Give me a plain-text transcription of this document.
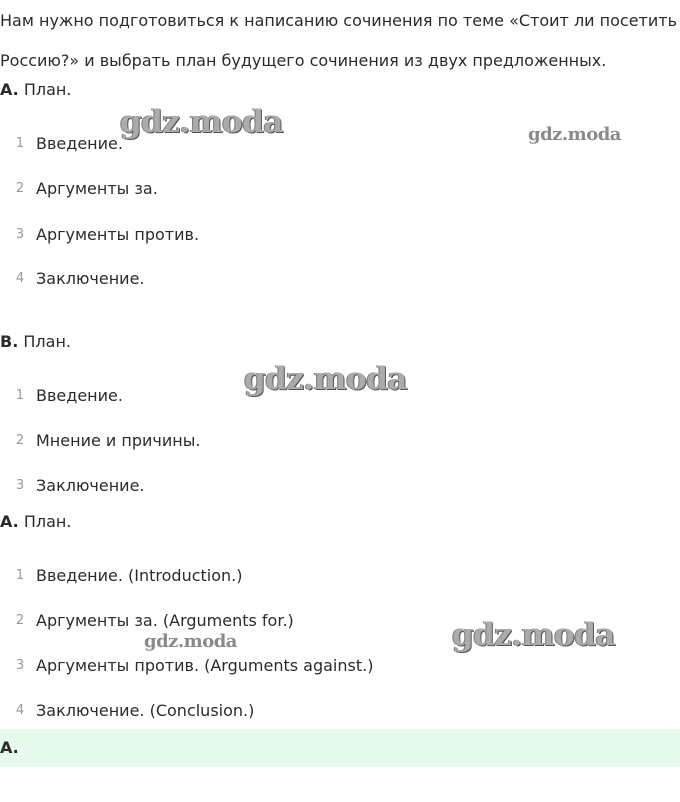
Нам нужно подготовиться к написанию сочинения по теме «Стоит ли посетить

Россию?» и выбрать план будущего сочинения из двух предложенных.

A. План.
1 Введение.
2 Аргументы за.
3 Аргументы против.
4 Заключение.
B. План.
1 Введение.
2 Мнение и причины.
3 Заключение.
A. План.
1 Введение. (Introduction.)
2 Аргументы за. (Arguments for.)
3 Аргументы против. (Arguments against.)
4 Заключение. (Conclusion.)
A.
gdz.moda	gdz.moda
gdz.moda
gdz.moda	gdz.moda
